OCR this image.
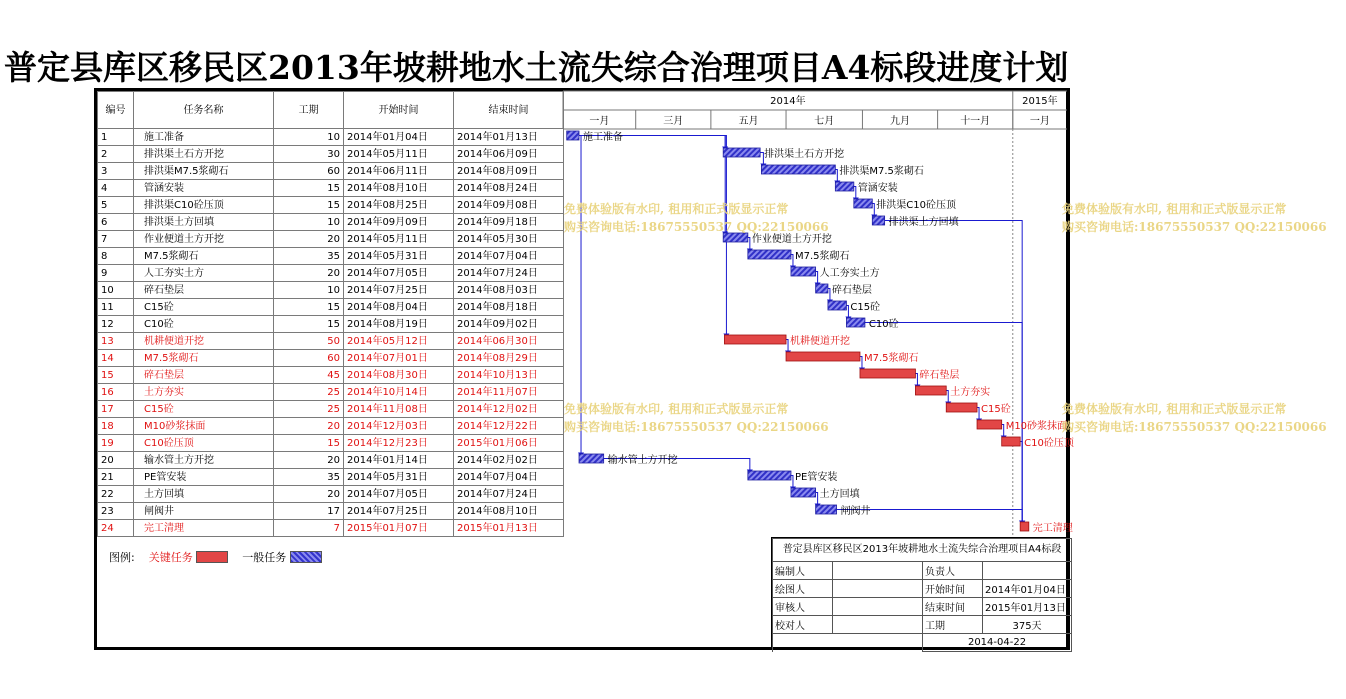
普定县库区移民区2013年坡耕地水土流失综合治理项目A4标段进度计划
编号	任务名称	工期	开始时间	结束时间
1	施工准备	10	2014年01月04日	2014年01月13日
2	排洪渠土石方开挖	30	2014年05月11日	2014年06月09日
3	排洪渠M7.5浆砌石	60	2014年06月11日	2014年08月09日
4	管涵安装	15	2014年08月10日	2014年08月24日
5	排洪渠C10砼压顶	15	2014年08月25日	2014年09月08日
6	排洪渠土方回填	10	2014年09月09日	2014年09月18日
7	作业便道土方开挖	20	2014年05月11日	2014年05月30日
8	M7.5浆砌石	35	2014年05月31日	2014年07月04日
9	人工夯实土方	20	2014年07月05日	2014年07月24日
10	碎石垫层	10	2014年07月25日	2014年08月03日
11	C15砼	15	2014年08月04日	2014年08月18日
12	C10砼	15	2014年08月19日	2014年09月02日
13	机耕便道开挖	50	2014年05月12日	2014年06月30日
14	M7.5浆砌石	60	2014年07月01日	2014年08月29日
15	碎石垫层	45	2014年08月30日	2014年10月13日
16	土方夯实	25	2014年10月14日	2014年11月07日
17	C15砼	25	2014年11月08日	2014年12月02日
18	M10砂浆抹面	20	2014年12月03日	2014年12月22日
19	C10砼压顶	15	2014年12月23日	2015年01月06日
20	输水管土方开挖	20	2014年01月14日	2014年02月02日
21	PE管安装	35	2014年05月31日	2014年07月04日
22	土方回填	20	2014年07月05日	2014年07月24日
23	闸阀井	17	2014年07月25日	2014年08月10日
24	完工清理	7	2015年01月07日	2015年01月13日
2014年	2015年
一月	三月	五月	七月	九月	十一月	一月
施工准备
排洪渠土石方开挖
排洪渠M7.5浆砌石
管涵安装
排洪渠C10砼压顶
排洪渠土方回填
作业便道土方开挖
M7.5浆砌石
人工夯实土方
碎石垫层
C15砼
C10砼
机耕便道开挖
M7.5浆砌石
碎石垫层
土方夯实
C15砼
M10砂浆抹面
C10砼压顶
输水管土方开挖
PE管安装
土方回填
闸阀井
完工清理
图例: 关键任务	一般任务
普定县库区移民区2013年坡耕地水土流失综合治理项目A4标段			
编制人		负责人	
绘图人		开始时间	2014年01月04日
审核人		结束时间	2015年01月13日
校对人		工期	375天
		2014-04-22	
免费体验版有水印, 租用和正式版显示正常
购买咨询电话:18675550537 QQ:22150066
免费体验版有水印, 租用和正式版显示正常
购买咨询电话:18675550537 QQ:22150066
免费体验版有水印, 租用和正式版显示正常
购买咨询电话:18675550537 QQ:22150066
免费体验版有水印, 租用和正式版显示正常
购买咨询电话:18675550537 QQ:22150066
